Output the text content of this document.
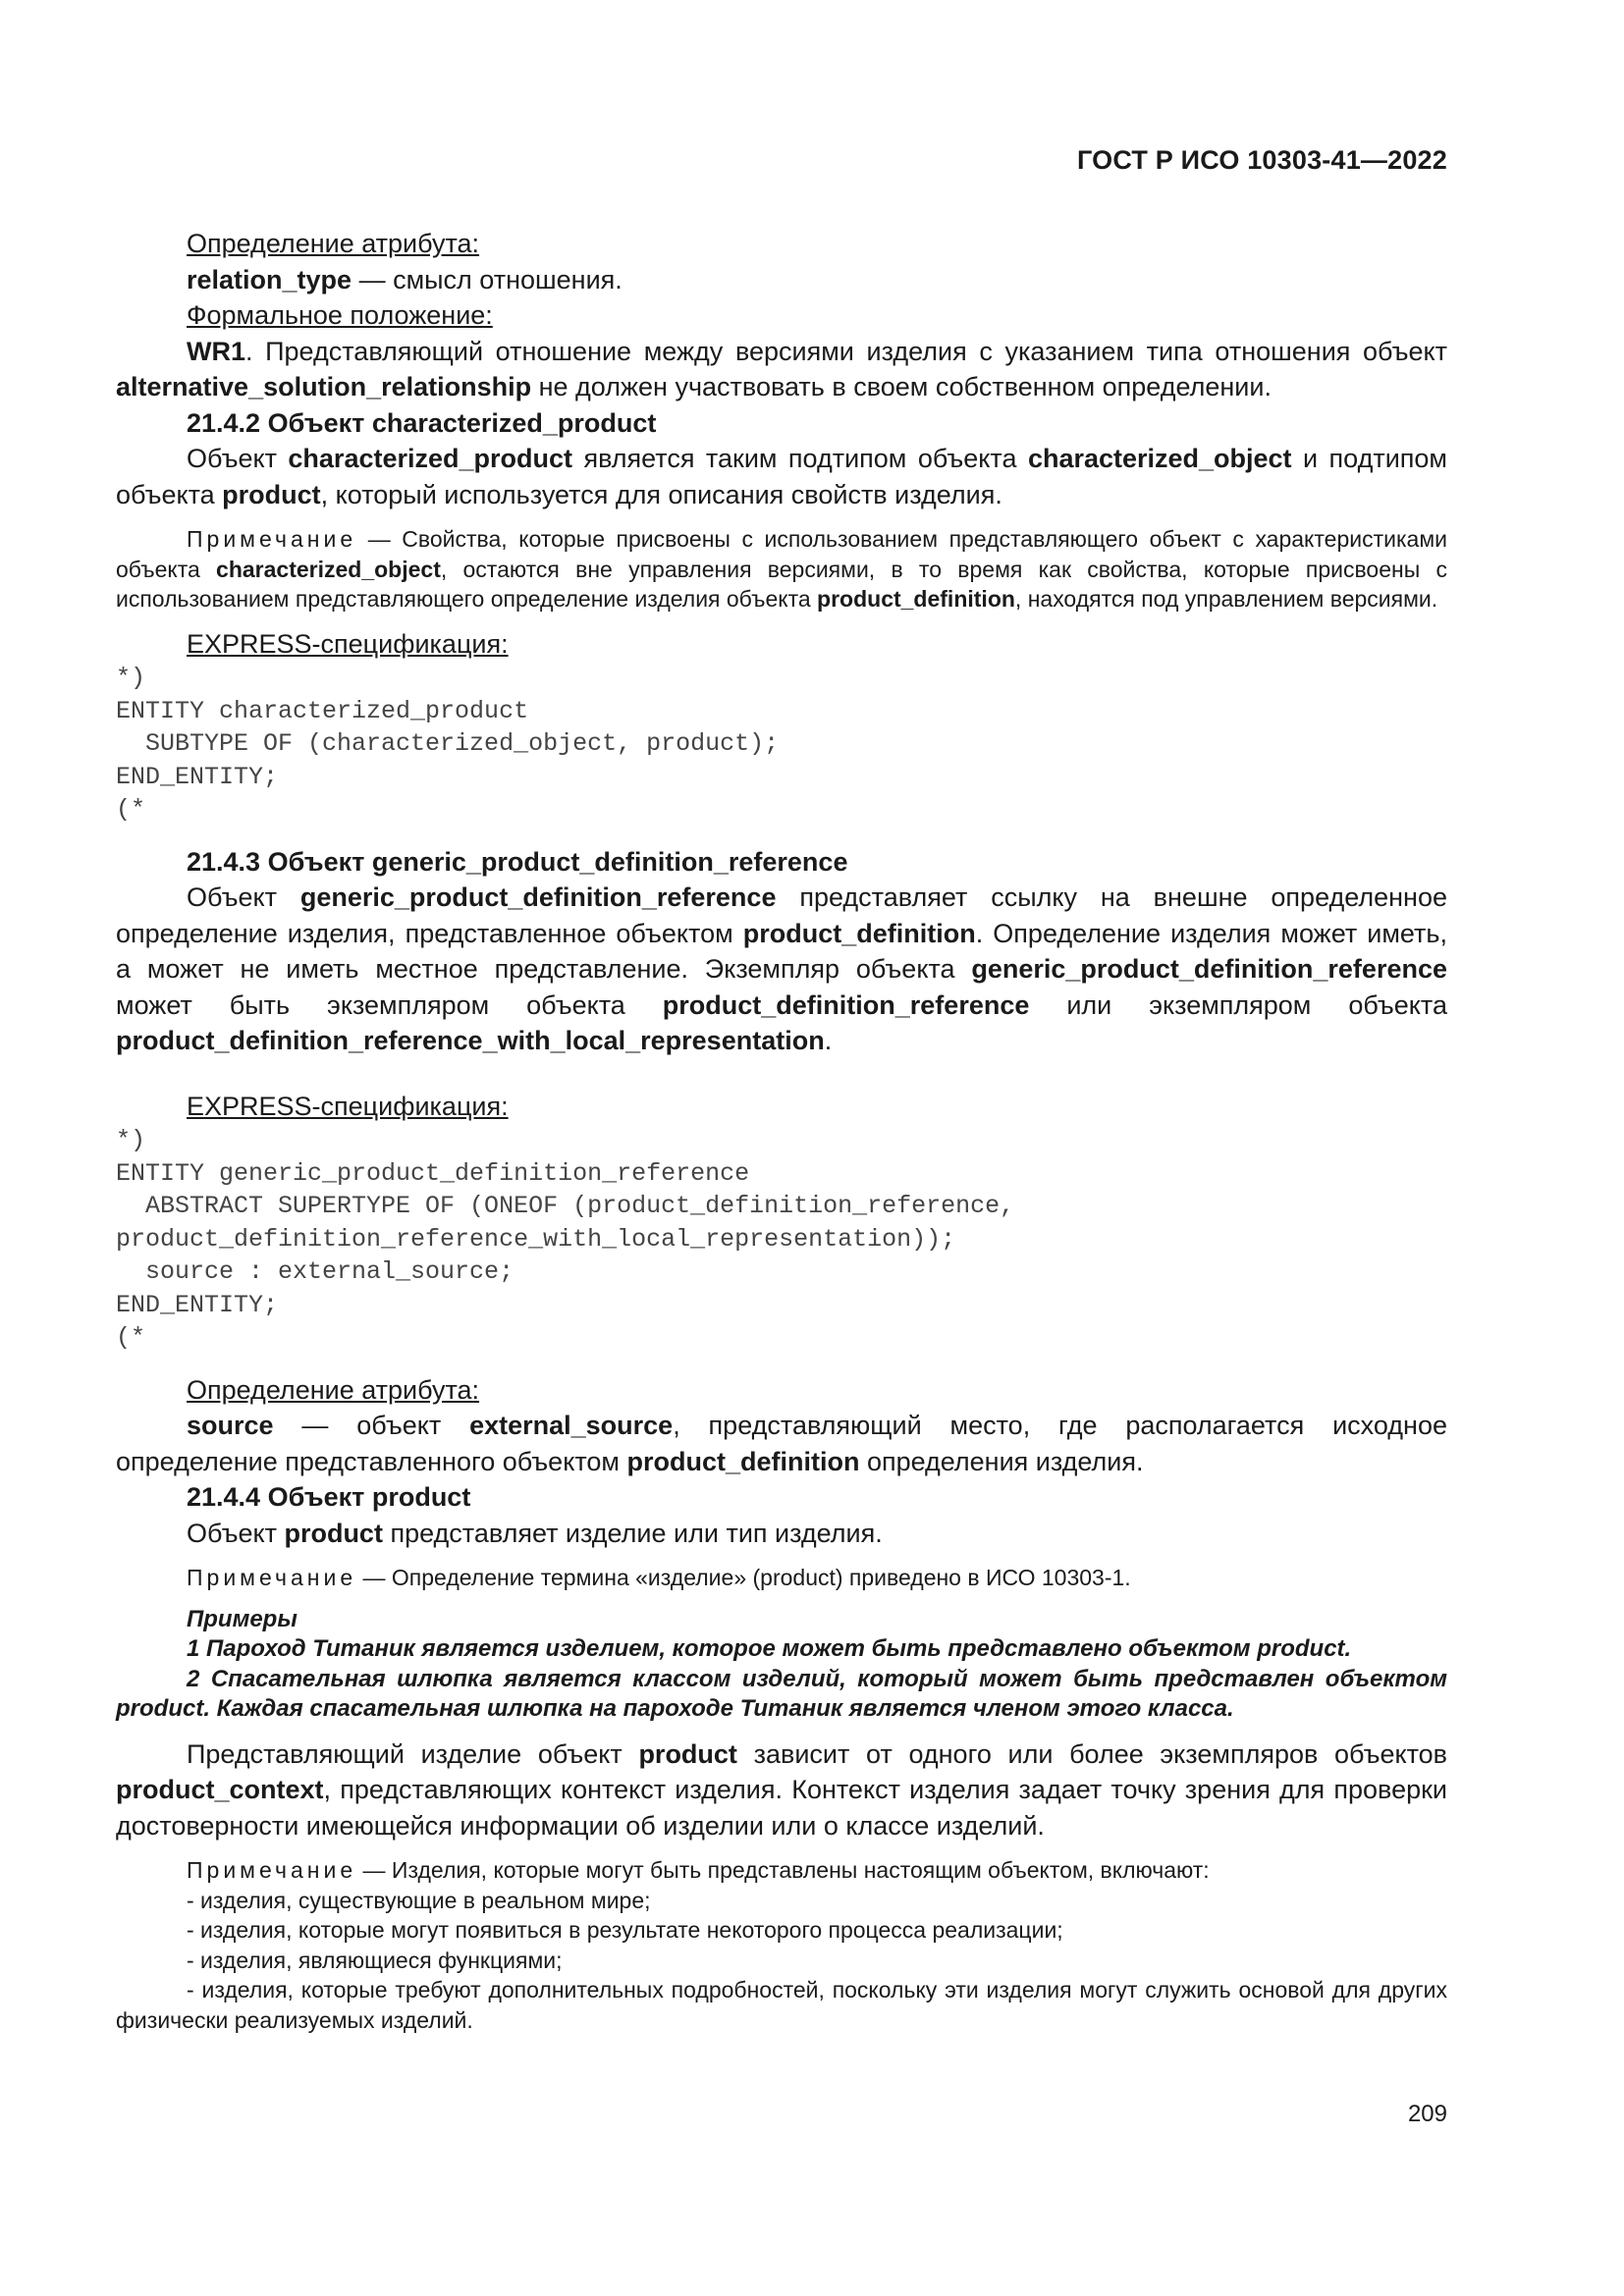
ГОСТ Р ИСО 10303-41—2022

Определение атрибута:

relation_type — смысл отношения.

Формальное положение:

WR1. Представляющий отношение между версиями изделия с указанием типа отношения объект alternative_solution_relationship не должен участвовать в своем собственном определении.

21.4.2 Объект characterized_product

Объект characterized_product является таким подтипом объекта characterized_object и подтипом объекта product, который используется для описания свойств изделия.

Примечание — Свойства, которые присвоены с использованием представляющего объект с характеристиками объекта characterized_object, остаются вне управления версиями, в то время как свойства, которые присвоены с использованием представляющего определение изделия объекта product_definition, находятся под управлением версиями.

EXPRESS-спецификация:

*)
ENTITY characterized_product
SUBTYPE OF (characterized_object, product);
END_ENTITY;
(*

21.4.3 Объект generic_product_definition_reference

Объект generic_product_definition_reference представляет ссылку на внешне определенное определение изделия, представленное объектом product_definition. Определение изделия может иметь, а может не иметь местное представление. Экземпляр объекта generic_product_definition_reference может быть экземпляром объекта product_definition_reference или экземпляром объекта product_definition_reference_with_local_representation.

EXPRESS-спецификация:

*)
ENTITY generic_product_definition_reference
ABSTRACT SUPERTYPE OF (ONEOF (product_definition_reference,
product_definition_reference_with_local_representation));
source : external_source;
END_ENTITY;
(*

Определение атрибута:

source — объект external_source, представляющий место, где располагается исходное определение представленного объектом product_definition определения изделия.

21.4.4 Объект product

Объект product представляет изделие или тип изделия.

Примечание — Определение термина «изделие» (product) приведено в ИСО 10303-1.

Примеры

1 Пароход Титаник является изделием, которое может быть представлено объектом product.

2 Спасательная шлюпка является классом изделий, который может быть представлен объектом product. Каждая спасательная шлюпка на пароходе Титаник является членом этого класса.

Представляющий изделие объект product зависит от одного или более экземпляров объектов product_context, представляющих контекст изделия. Контекст изделия задает точку зрения для проверки достоверности имеющейся информации об изделии или о классе изделий.

Примечание — Изделия, которые могут быть представлены настоящим объектом, включают:

- изделия, существующие в реальном мире;

- изделия, которые могут появиться в результате некоторого процесса реализации;

- изделия, являющиеся функциями;

- изделия, которые требуют дополнительных подробностей, поскольку эти изделия могут служить основой для других физически реализуемых изделий.

209
